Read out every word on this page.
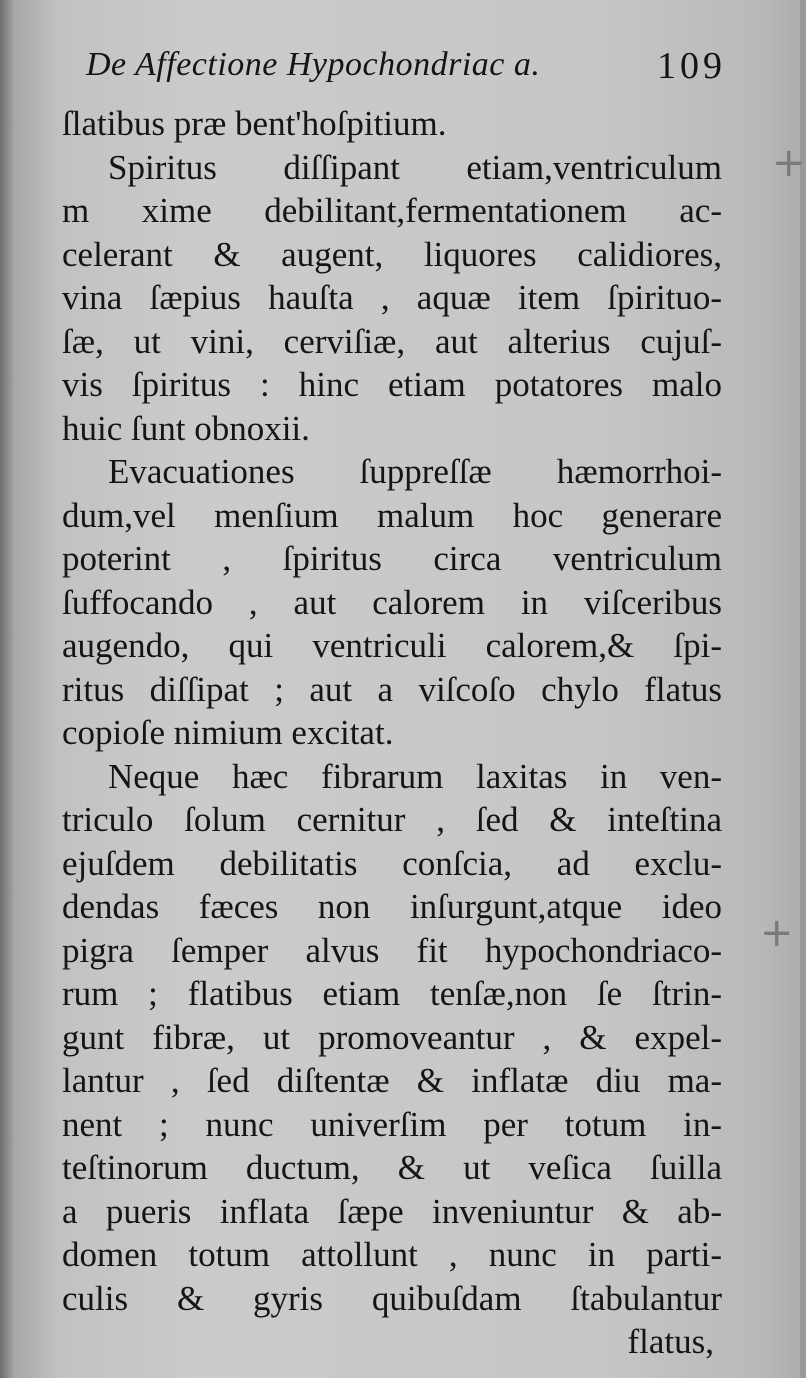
De Affectione Hypochondriac a.	109
+
+
ſlatibus præ bent'hoſpitium.
Spiritus diſſipant etiam,ventriculum
m xime debilitant,fermentationem ac-
celerant & augent, liquores calidiores,
vina ſæpius hauſta , aquæ item ſpirituo-
ſæ, ut vini, cerviſiæ, aut alterius cujuſ-
vis ſpiritus : hinc etiam potatores malo
huic ſunt obnoxii.
Evacuationes ſuppreſſæ hæmorrhoi-
dum,vel menſium malum hoc generare
poterint , ſpiritus circa ventriculum
ſuffocando , aut calorem in viſceribus
augendo, qui ventriculi calorem,& ſpi-
ritus diſſipat ; aut a viſcoſo chylo flatus
copioſe nimium excitat.
Neque hæc fibrarum laxitas in ven-
triculo ſolum cernitur , ſed & inteſtina
ejuſdem debilitatis conſcia, ad exclu-
dendas fæces non inſurgunt,atque ideo
pigra ſemper alvus fit hypochondriaco-
rum ; flatibus etiam tenſæ,non ſe ſtrin-
gunt fibræ, ut promoveantur , & expel-
lantur , ſed diſtentæ & inflatæ diu ma-
nent ; nunc univerſim per totum in-
teſtinorum ductum, & ut veſica ſuilla
a pueris inflata ſæpe inveniuntur & ab-
domen totum attollunt , nunc in parti-
culis & gyris quibuſdam ſtabulantur
flatus,
